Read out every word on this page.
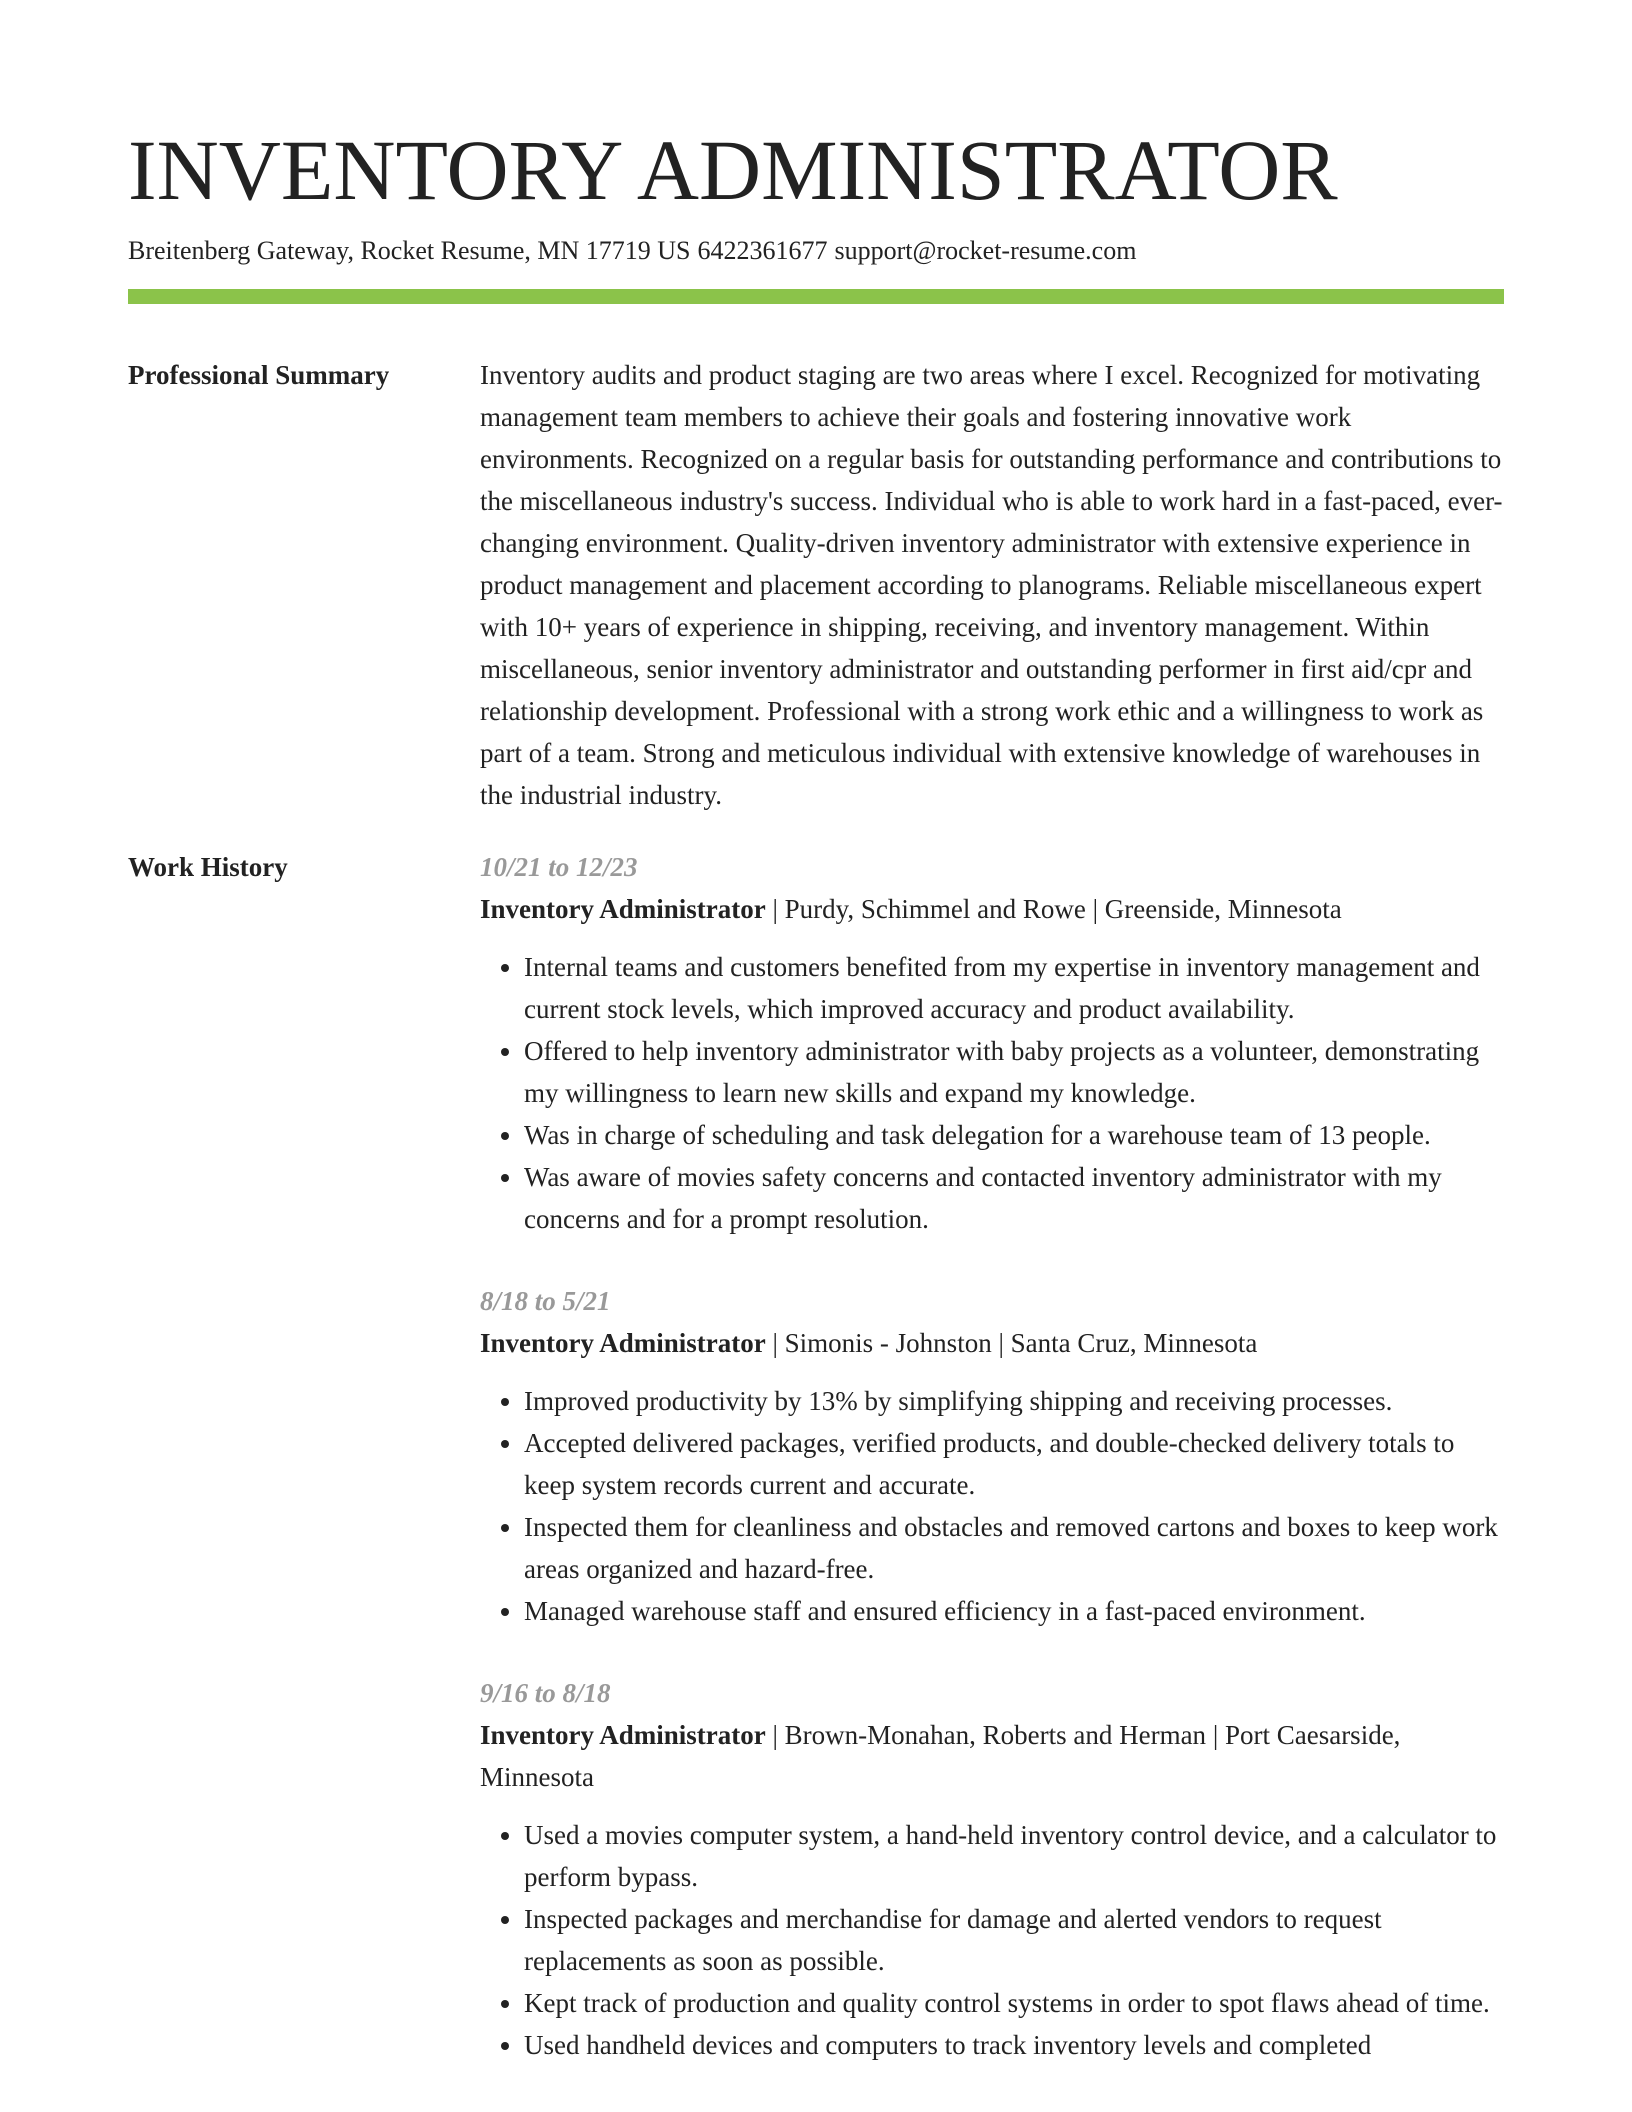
INVENTORY ADMINISTRATOR
Breitenberg Gateway, Rocket Resume, MN 17719 US 6422361677 support@rocket-resume.com
Professional Summary	Inventory audits and product staging are two areas where I excel. Recognized for motivating management team members to achieve their goals and fostering innovative work environments. Recognized on a regular basis for outstanding performance and contributions to the miscellaneous industry's success. Individual who is able to work hard in a fast-paced, ever-changing environment. Quality-driven inventory administrator with extensive experience in product management and placement according to planograms. Reliable miscellaneous expert with 10+ years of experience in shipping, receiving, and inventory management. Within miscellaneous, senior inventory administrator and outstanding performer in first aid/cpr and relationship development. Professional with a strong work ethic and a willingness to work as part of a team. Strong and meticulous individual with extensive knowledge of warehouses in the industrial industry.

Work History	10/21 to 12/23
Inventory Administrator | Purdy, Schimmel and Rowe | Greenside, Minnesota
• Internal teams and customers benefited from my expertise in inventory management and current stock levels, which improved accuracy and product availability.
• Offered to help inventory administrator with baby projects as a volunteer, demonstrating my willingness to learn new skills and expand my knowledge.
• Was in charge of scheduling and task delegation for a warehouse team of 13 people.
• Was aware of movies safety concerns and contacted inventory administrator with my concerns and for a prompt resolution.
8/18 to 5/21
Inventory Administrator | Simonis - Johnston | Santa Cruz, Minnesota
• Improved productivity by 13% by simplifying shipping and receiving processes.
• Accepted delivered packages, verified products, and double-checked delivery totals to keep system records current and accurate.
• Inspected them for cleanliness and obstacles and removed cartons and boxes to keep work areas organized and hazard-free.
• Managed warehouse staff and ensured efficiency in a fast-paced environment.
9/16 to 8/18
Inventory Administrator | Brown-Monahan, Roberts and Herman | Port Caesarside, Minnesota
• Used a movies computer system, a hand-held inventory control device, and a calculator to perform bypass.
• Inspected packages and merchandise for damage and alerted vendors to request replacements as soon as possible.
• Kept track of production and quality control systems in order to spot flaws ahead of time.
• Used handheld devices and computers to track inventory levels and completed
